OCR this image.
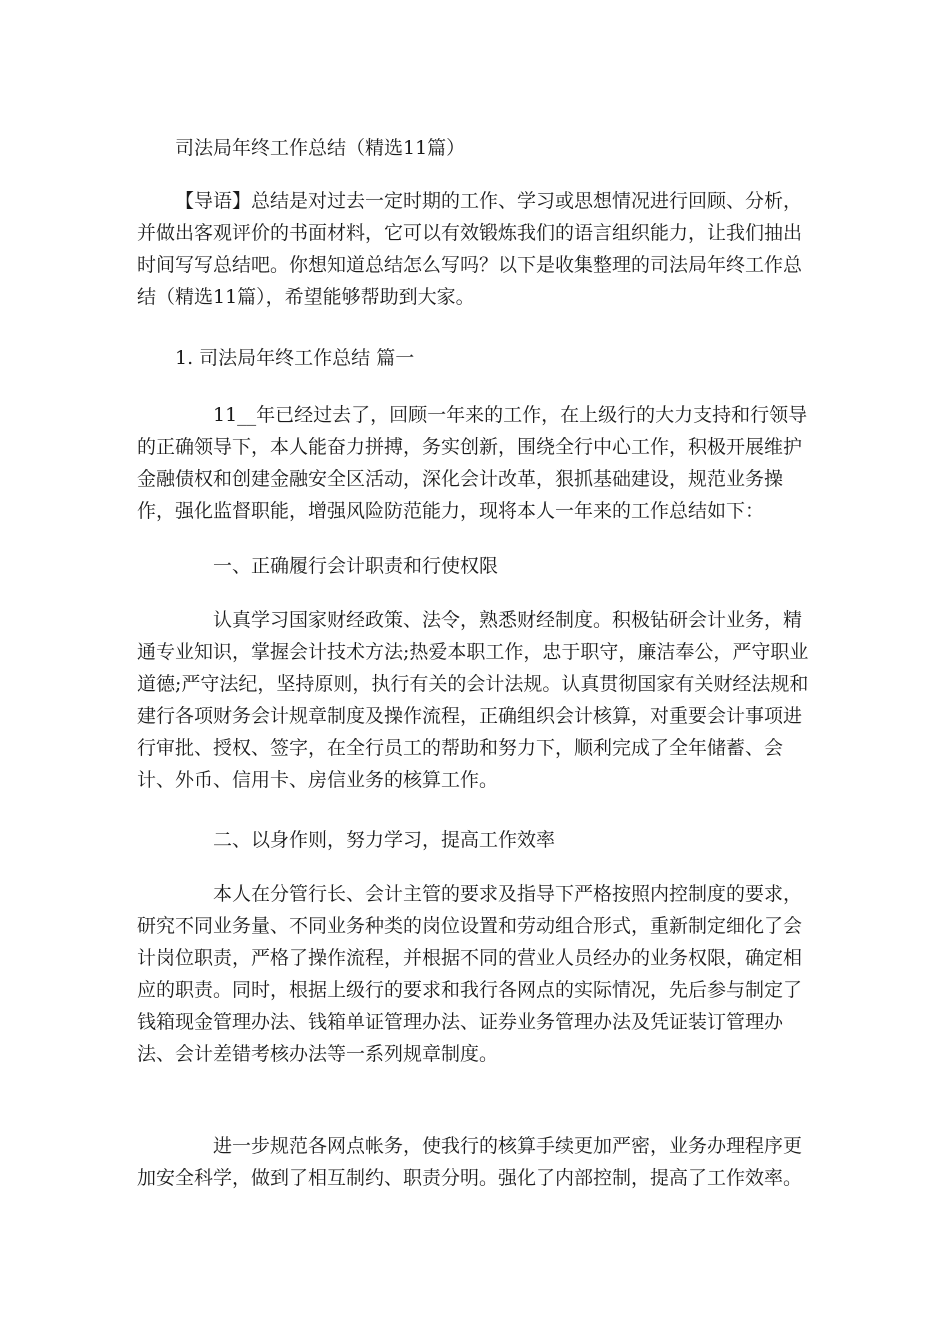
司法局年终工作总结（精选11篇）

【导语】总结是对过去一定时期的工作、学习或思想情况进行回顾、分析，并做出客观评价的书面材料，它可以有效锻炼我们的语言组织能力，让我们抽出时间写写总结吧。你想知道总结怎么写吗？以下是收集整理的司法局年终工作总结（精选11篇），希望能够帮助到大家。

1. 司法局年终工作总结 篇一

11__年已经过去了，回顾一年来的工作，在上级行的大力支持和行领导的正确领导下，本人能奋力拼搏，务实创新，围绕全行中心工作，积极开展维护金融债权和创建金融安全区活动，深化会计改革，狠抓基础建设，规范业务操作，强化监督职能，增强风险防范能力，现将本人一年来的工作总结如下：

一、正确履行会计职责和行使权限

认真学习国家财经政策、法令，熟悉财经制度。积极钻研会计业务，精通专业知识，掌握会计技术方法;热爱本职工作，忠于职守，廉洁奉公，严守职业道德;严守法纪，坚持原则，执行有关的会计法规。认真贯彻国家有关财经法规和建行各项财务会计规章制度及操作流程，正确组织会计核算，对重要会计事项进行审批、授权、签字，在全行员工的帮助和努力下，顺利完成了全年储蓄、会计、外币、信用卡、房信业务的核算工作。

二、以身作则，努力学习，提高工作效率

本人在分管行长、会计主管的要求及指导下严格按照内控制度的要求，研究不同业务量、不同业务种类的岗位设置和劳动组合形式，重新制定细化了会计岗位职责，严格了操作流程，并根据不同的营业人员经办的业务权限，确定相应的职责。同时，根据上级行的要求和我行各网点的实际情况，先后参与制定了钱箱现金管理办法、钱箱单证管理办法、证券业务管理办法及凭证装订管理办法、会计差错考核办法等一系列规章制度。

进一步规范各网点帐务，使我行的核算手续更加严密，业务办理程序更加安全科学，做到了相互制约、职责分明。强化了内部控制，提高了工作效率。
